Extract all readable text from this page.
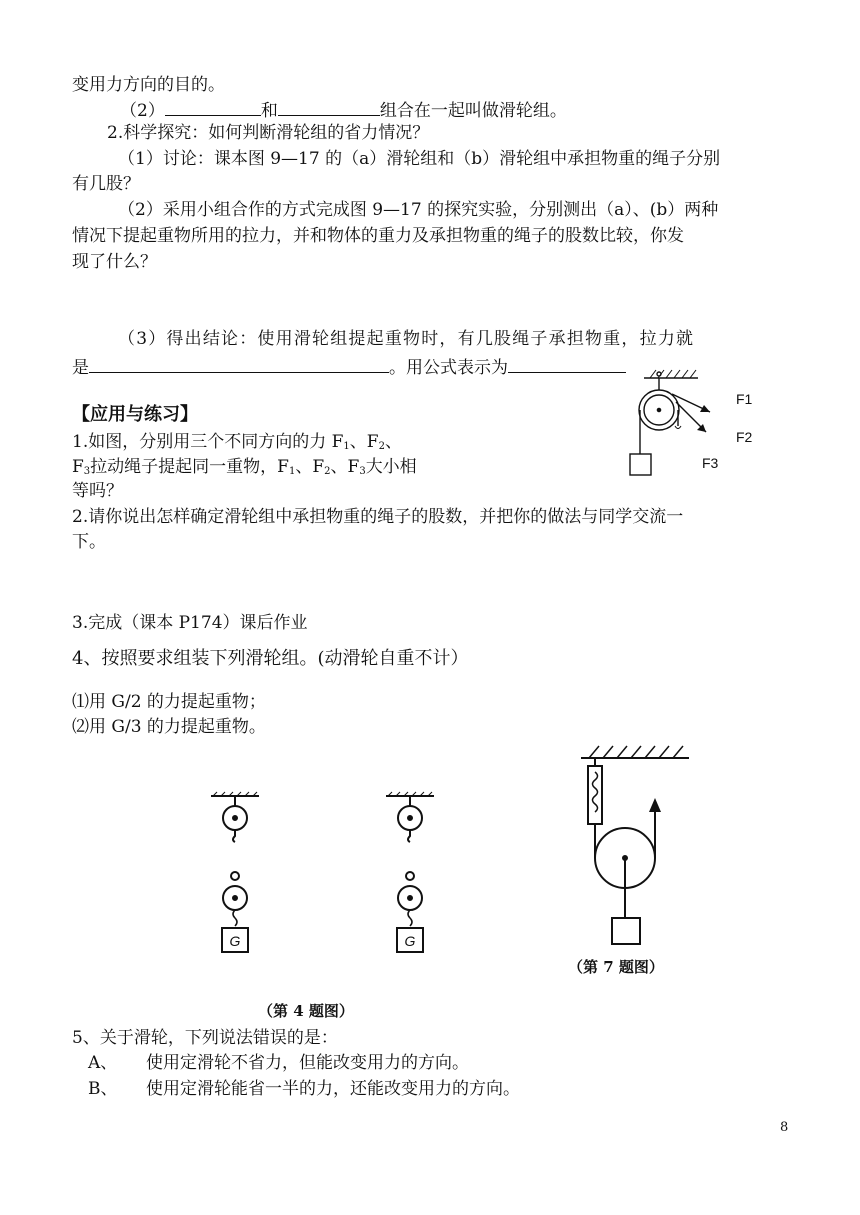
变用力方向的目的。
（2）	和	组合在一起叫做滑轮组。
2.科学探究：如何判断滑轮组的省力情况？
（1）讨论：课本图 9—17 的（a）滑轮组和（b）滑轮组中承担物重的绳子分别
有几股？
（2）采用小组合作的方式完成图 9—17 的探究实验，分别测出（a）、(b）两种
情况下提起重物所用的拉力，并和物体的重力及承担物重的绳子的股数比较，你发
现了什么？
（3）得出结论：使用滑轮组提起重物时，有几股绳子承担物重，拉力就
是	。用公式表示为
【应用与练习】
1.如图，分别用三个不同方向的力 $F_1$、$F_2$、
$F_3$拉动绳子提起同一重物，$F_1$、$F_2$、$F_3$大小相
等吗？
2.请你说出怎样确定滑轮组中承担物重的绳子的股数，并把你的做法与同学交流一
下。
3.完成（课本 P174）课后作业
4、按照要求组装下列滑轮组。(动滑轮自重不计）
⑴用 G/2 的力提起重物；
⑵用 G/3 的力提起重物。
（第 4 题图）
（第 7 题图）
5、关于滑轮，下列说法错误的是：
A、 使用定滑轮不省力，但能改变用力的方向。
B、 使用定滑轮能省一半的力，还能改变用力的方向。
8
F1
F2
F3
G	G
